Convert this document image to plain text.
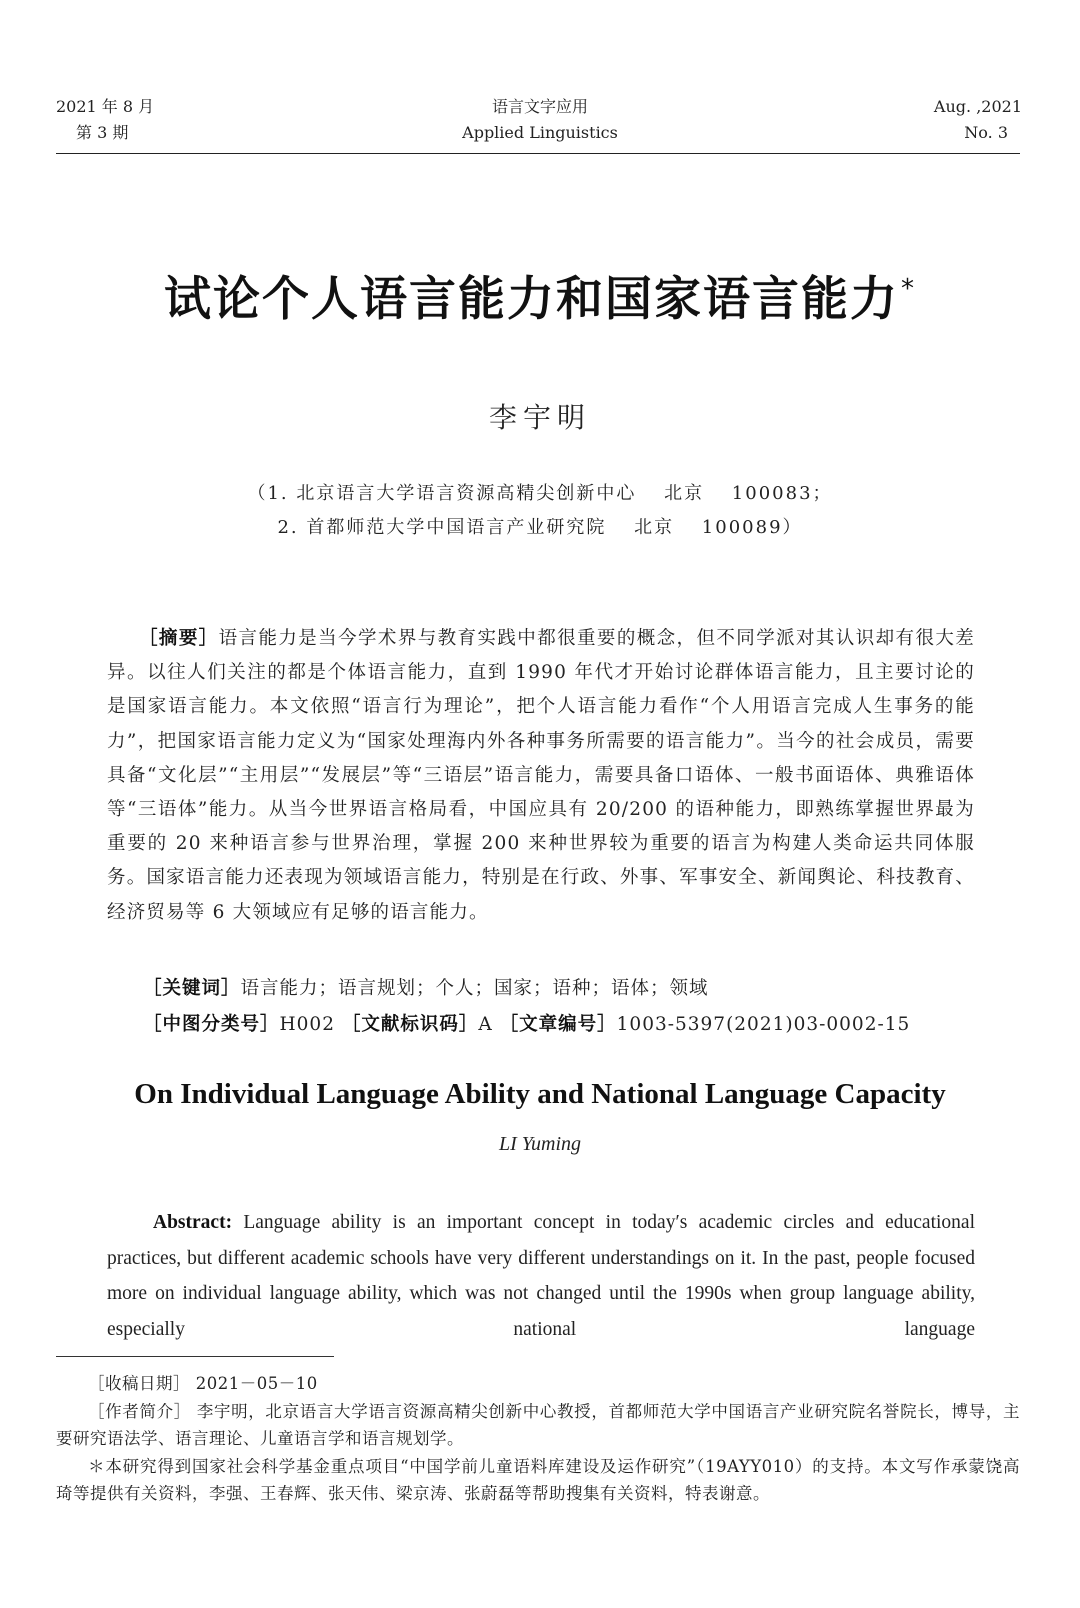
2021 年 8 月
第 3 期
语言文字应用
Applied Linguistics
Aug. ,2021
No. 3
试论个人语言能力和国家语言能力*
李宇明
（1. 北京语言大学语言资源高精尖创新中心　 北京　 100083；
2. 首都师范大学中国语言产业研究院　 北京　 100089）

［摘要］语言能力是当今学术界与教育实践中都很重要的概念，但不同学派对其认识却有很大差异。以往人们关注的都是个体语言能力，直到 1990 年代才开始讨论群体语言能力，且主要讨论的是国家语言能力。本文依照“语言行为理论”，把个人语言能力看作“个人用语言完成人生事务的能力”，把国家语言能力定义为“国家处理海内外各种事务所需要的语言能力”。当今的社会成员，需要具备“文化层”“主用层”“发展层”等“三语层”语言能力，需要具备口语体、一般书面语体、典雅语体等“三语体”能力。从当今世界语言格局看，中国应具有 20/200 的语种能力，即熟练掌握世界最为重要的 20 来种语言参与世界治理，掌握 200 来种世界较为重要的语言为构建人类命运共同体服务。国家语言能力还表现为领域语言能力，特别是在行政、外事、军事安全、新闻舆论、科技教育、经济贸易等 6 大领域应有足够的语言能力。

［关键词］语言能力；语言规划；个人；国家；语种；语体；领域
［中图分类号］H002 ［文献标识码］A ［文章编号］1003-5397(2021)03-0002-15
On Individual Language Ability and National Language Capacity
LI Yuming

Abstract: Language ability is an important concept in today′s academic circles and educational practices, but different academic schools have very different understandings on it. In the past, people focused more on individual language ability, which was not changed until the 1990s when group language ability, especially national language

［收稿日期］ 2021－05－10

［作者简介］ 李宇明，北京语言大学语言资源高精尖创新中心教授，首都师范大学中国语言产业研究院名誉院长，博导，主要研究语法学、语言理论、儿童语言学和语言规划学。

＊本研究得到国家社会科学基金重点项目“中国学前儿童语料库建设及运作研究”（19AYY010）的支持。本文写作承蒙饶高琦等提供有关资料，李强、王春辉、张天伟、梁京涛、张蔚磊等帮助搜集有关资料，特表谢意。
